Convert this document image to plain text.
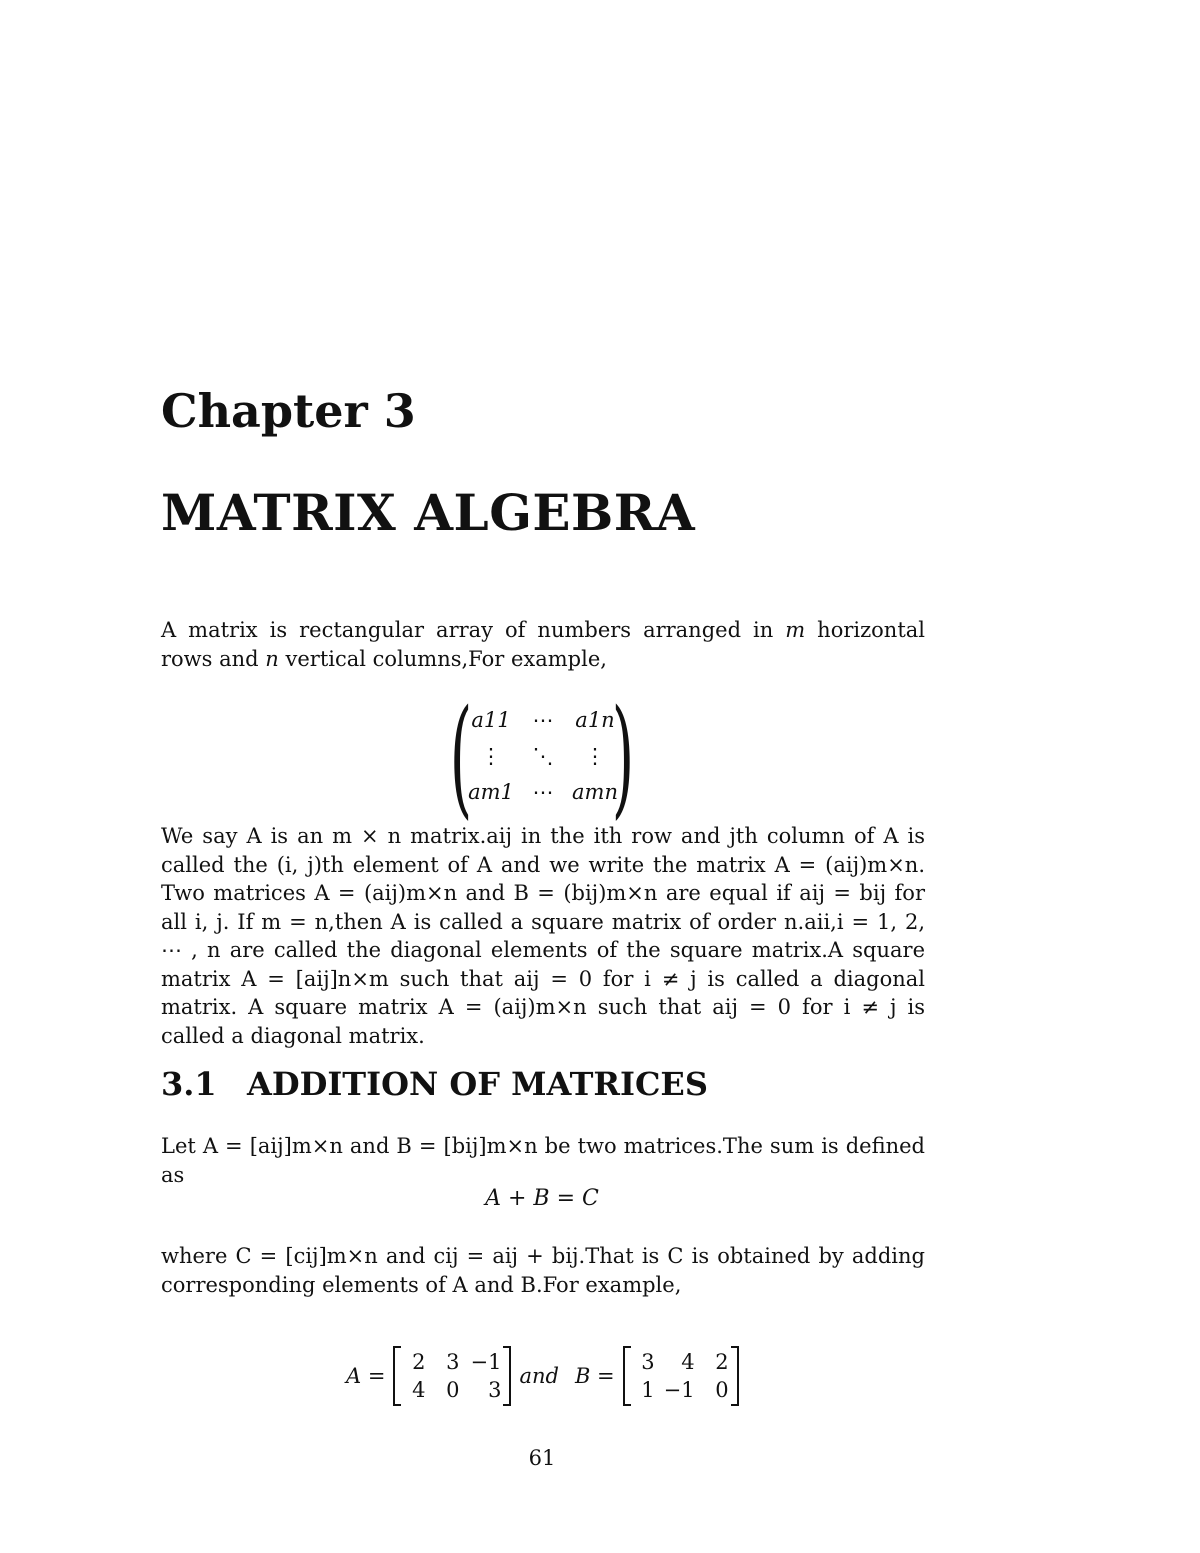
Chapter 3
MATRIX ALGEBRA

A matrix is rectangular array of numbers arranged in m horizontal rows and n vertical columns,For example,

( a11	⋯	a1n
⋮	⋱	⋮
am1 ⋯ amn
)

We say A is an m × n matrix.aij in the ith row and jth column of A is called the (i, j)th element of A and we write the matrix A = (aij)m×n. Two matrices A = (aij)m×n and B = (bij)m×n are equal if aij = bij for all i, j. If m = n,then A is called a square matrix of order n.aii,i = 1, 2, ⋯ , n are called the diagonal elements of the square matrix.A square matrix A = [aij]n×m such that aij = 0 for i ≠ j is called a diagonal matrix. A square matrix A = (aij)m×n such that aij = 0 for i ≠ j is called a diagonal matrix.

3.1 ADDITION OF MATRICES

Let A = [aij]m×n and B = [bij]m×n be two matrices.The sum is defined as

A + B = C

where C = [cij]m×n and cij = aij + bij.That is C is obtained by adding corresponding elements of A and B.For example,

A =
2 3 −1
4 0	3
and B =
3	4 2
1 −1 0
61
